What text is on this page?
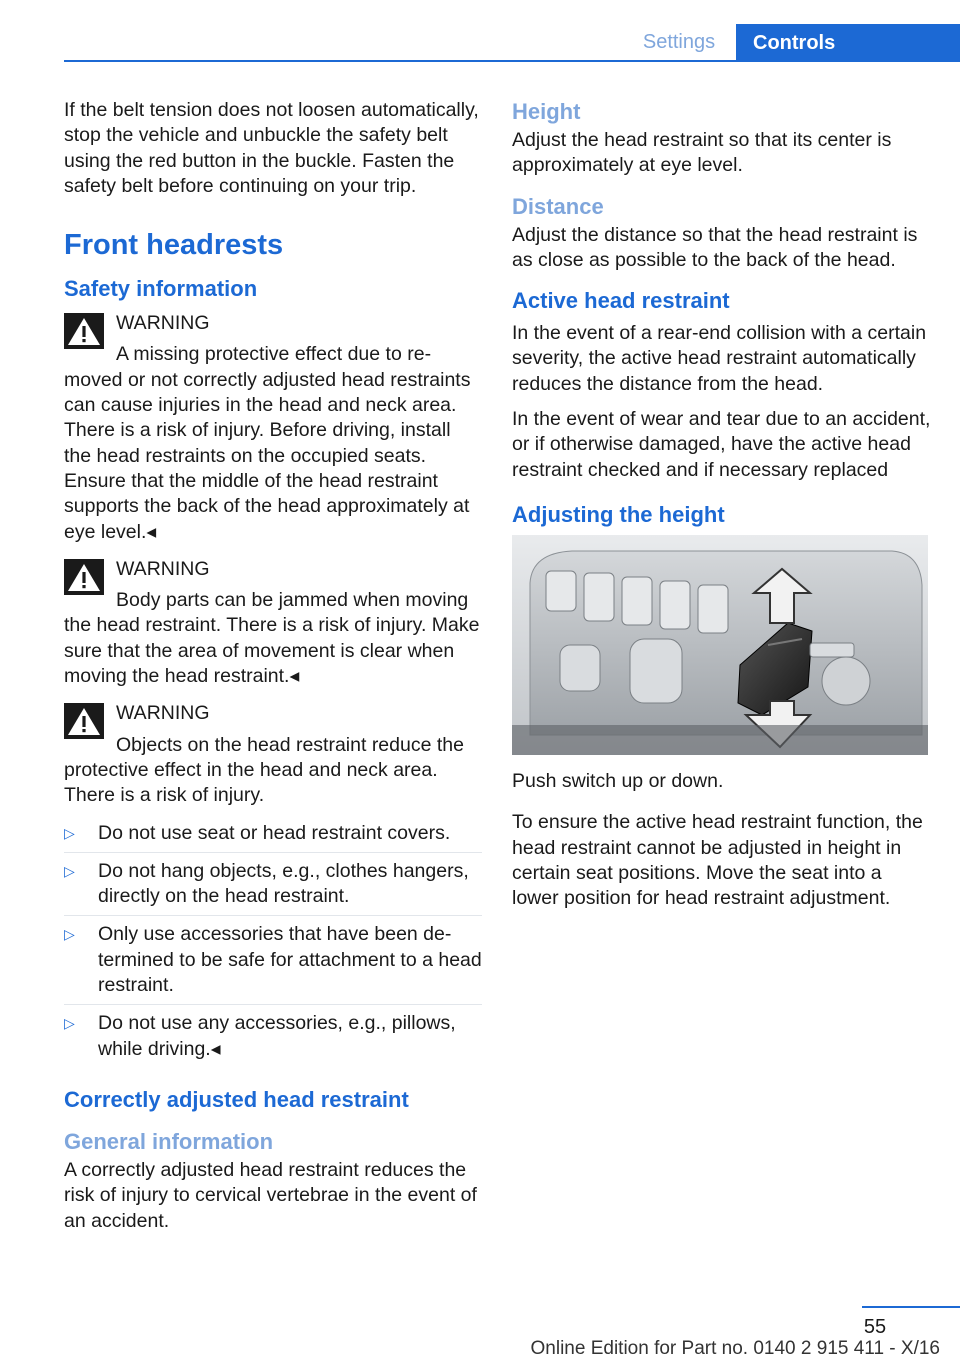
Settings	Controls

If the belt tension does not loosen automatically, stop the vehicle and unbuckle the safety belt using the red button in the buckle. Fasten the safety belt before continuing on your trip.

Front headrests
Safety information
WARNING
A missing protective effect due to removed or not correctly adjusted head restraints can cause injuries in the head and neck area. There is a risk of injury. Before driving, install the head restraints on the occupied seats. Ensure that the middle of the head restraint supports the back of the head approximately at eye level.◂
WARNING
Body parts can be jammed when moving the head restraint. There is a risk of injury. Make sure that the area of movement is clear when moving the head restraint.◂
WARNING
Objects on the head restraint reduce the protective effect in the head and neck area. There is a risk of injury.
▷ Do not use seat or head restraint covers.
▷ Do not hang objects, e.g., clothes hangers, directly on the head restraint.
▷ Only use accessories that have been determined to be safe for attachment to a head restraint.
▷ Do not use any accessories, e.g., pillows, while driving.◂
Correctly adjusted head restraint
General information

A correctly adjusted head restraint reduces the risk of injury to cervical vertebrae in the event of an accident.

Height

Adjust the head restraint so that its center is approximately at eye level.

Distance

Adjust the distance so that the head restraint is as close as possible to the back of the head.

Active head restraint

In the event of a rear-end collision with a certain severity, the active head restraint automatically reduces the distance from the head.

In the event of wear and tear due to an accident, or if otherwise damaged, have the active head restraint checked and if necessary replaced

Adjusting the height

Push switch up or down.

To ensure the active head restraint function, the head restraint cannot be adjusted in height in certain seat positions. Move the seat into a lower position for head restraint adjustment.

55
Online Edition for Part no. 0140 2 915 411 - X/16
